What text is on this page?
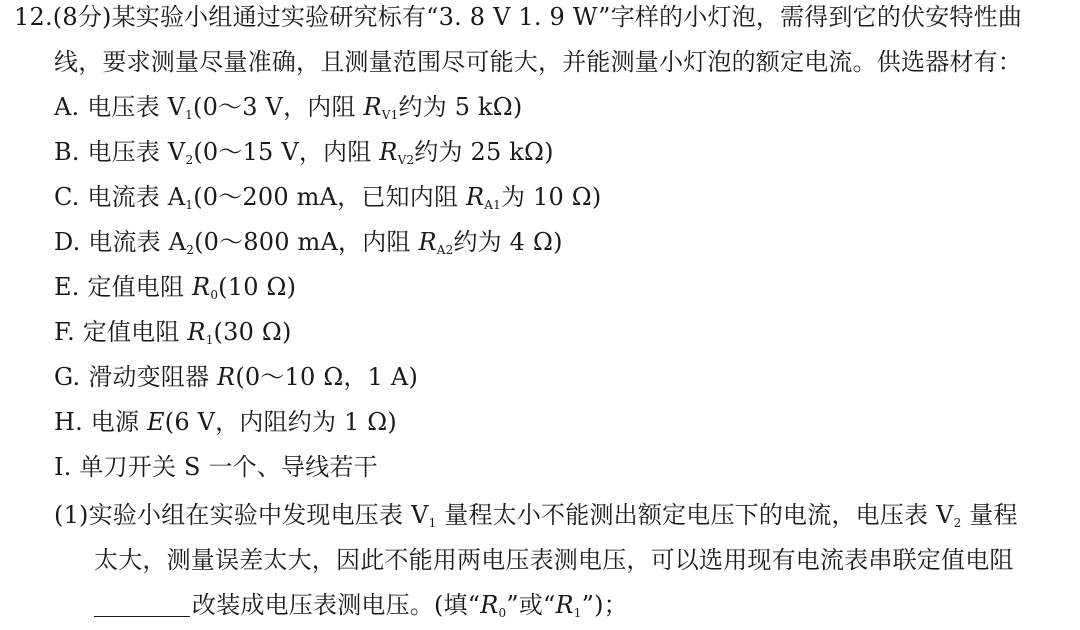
12.(8分)某实验小组通过实验研究标有“3. 8 V 1. 9 W”字样的小灯泡，需得到它的伏安特性曲
线，要求测量尽量准确，且测量范围尽可能大，并能测量小灯泡的额定电流。供选器材有：
A. 电压表 $V_1(0\sim 3$ V，内阻 $R_{V1}$约为 5 kΩ)
B. 电压表 $V_2(0\sim 15$ V，内阻 $R_{V2}$约为 25 kΩ)
C. 电流表 $A_1(0\sim 200$ mA，已知内阻 $R_{A1}$为 10 Ω)
D. 电流表 $A_2(0\sim 800$ mA，内阻 $R_{A2}$约为 4 Ω)
E. 定值电阻 $R_0(10$ Ω)
F. 定值电阻 $R_1(30$ Ω)
G. 滑动变阻器 R(0～10 Ω，1 A)
H. 电源 E(6 V，内阻约为 1 Ω)
I. 单刀开关 S 一个、导线若干
(1)实验小组在实验中发现电压表 $V_1$ 量程太小不能测出额定电压下的电流，电压表 $V_2$ 量程
太大，测量误差太大，因此不能用两电压表测电压，可以选用现有电流表串联定值电阻
改装成电压表测电压。(填“$R_0$”或“$R_1$”)；
